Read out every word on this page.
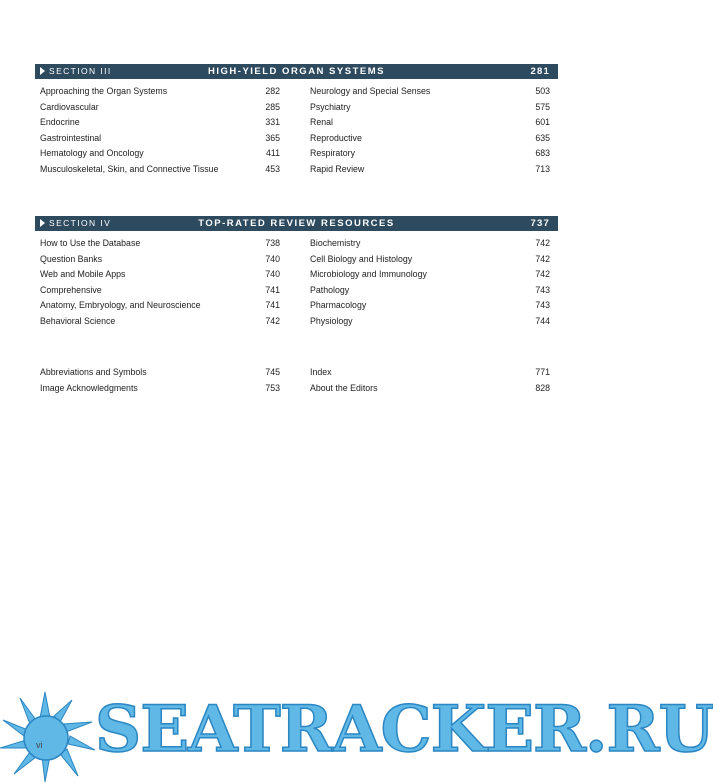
SECTION III	HIGH-YIELD ORGAN SYSTEMS	281
Approaching the Organ Systems	282
Cardiovascular	285
Endocrine	331
Gastrointestinal	365
Hematology and Oncology	411
Musculoskeletal, Skin, and Connective Tissue	453
Neurology and Special Senses	503
Psychiatry	575
Renal	601
Reproductive	635
Respiratory	683
Rapid Review	713
SECTION IV	TOP-RATED REVIEW RESOURCES	737
How to Use the Database	738
Question Banks	740
Web and Mobile Apps	740
Comprehensive	741
Anatomy, Embryology, and Neuroscience	741
Behavioral Science	742
Biochemistry	742
Cell Biology and Histology	742
Microbiology and Immunology	742
Pathology	743
Pharmacology	743
Physiology	744
Abbreviations and Symbols	745
Image Acknowledgments	753
Index	771
About the Editors	828
SEATRACKER.RU
vi
